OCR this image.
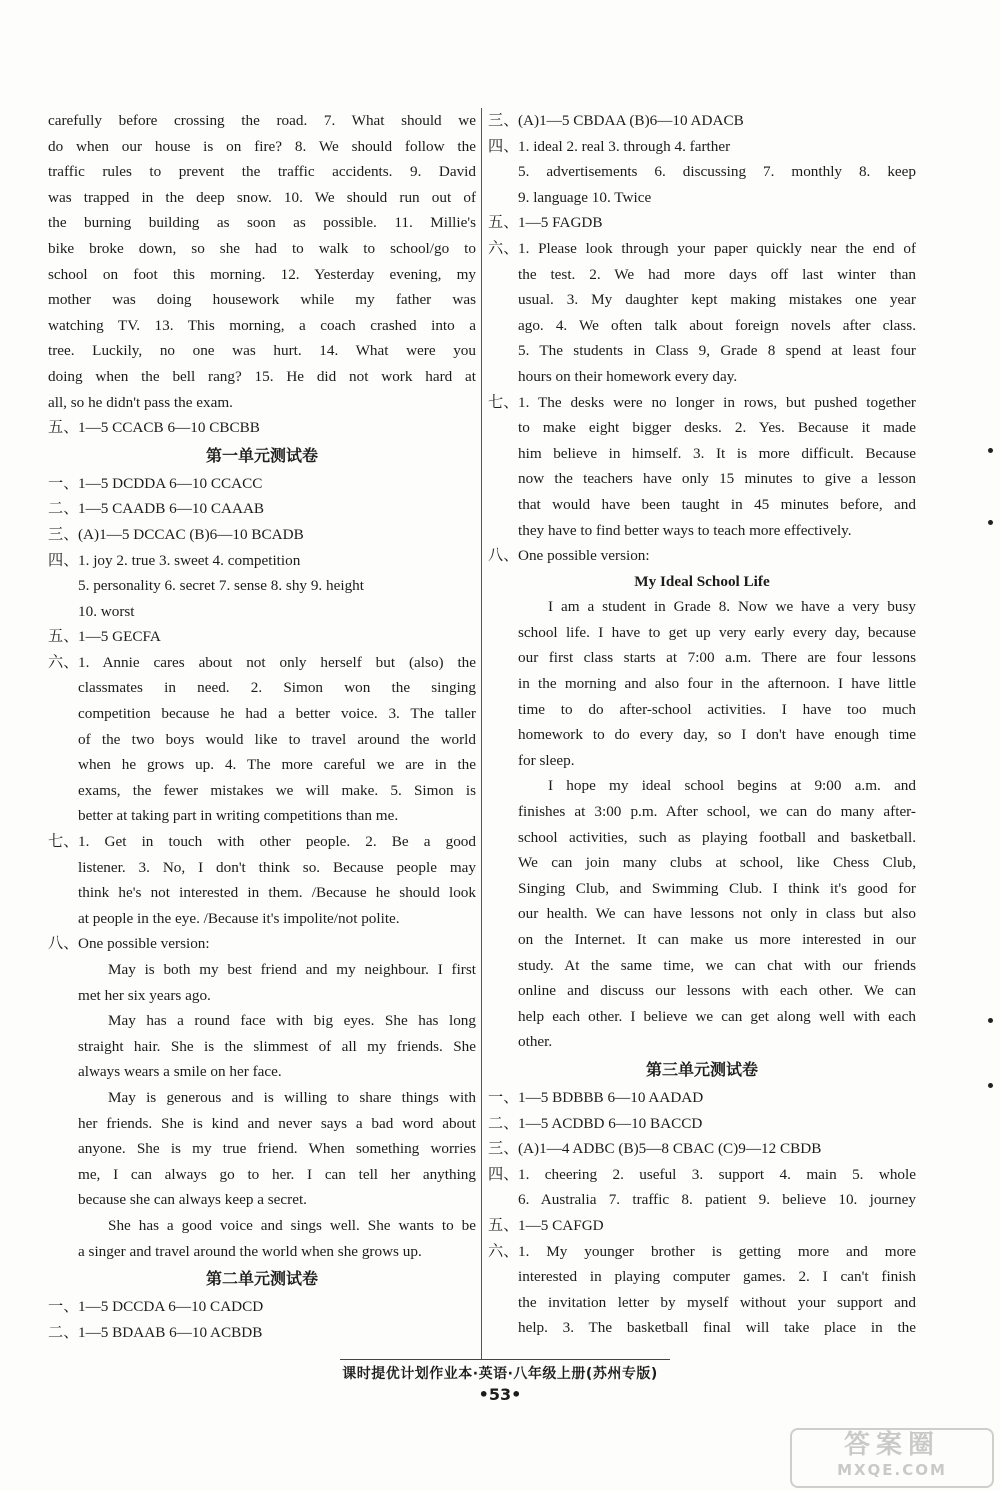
carefully before crossing the road. 7. What should we
do when our house is on fire? 8. We should follow the
traffic rules to prevent the traffic accidents. 9. David
was trapped in the deep snow. 10. We should run out of
the burning building as soon as possible. 11. Millie's
bike broke down, so she had to walk to school/go to
school on foot this morning. 12. Yesterday evening, my
mother was doing housework while my father was
watching TV. 13. This morning, a coach crashed into a
tree. Luckily, no one was hurt. 14. What were you
doing when the bell rang? 15. He did not work hard at
all, so he didn't pass the exam.
五、1—5 CCACB 6—10 CBCBB
第一单元测试卷
一、1—5 DCDDA 6—10 CCACC
二、1—5 CAADB 6—10 CAAAB
三、(A)1—5 DCCAC (B)6—10 BCADB
四、1. joy 2. true 3. sweet 4. competition
5. personality 6. secret 7. sense 8. shy 9. height
10. worst
五、1—5 GECFA
六、1. Annie cares about not only herself but (also) the
classmates in need. 2. Simon won the singing
competition because he had a better voice. 3. The taller
of the two boys would like to travel around the world
when he grows up. 4. The more careful we are in the
exams, the fewer mistakes we will make. 5. Simon is
better at taking part in writing competitions than me.
七、1. Get in touch with other people. 2. Be a good
listener. 3. No, I don't think so. Because people may
think he's not interested in them. /Because he should look
at people in the eye. /Because it's impolite/not polite.
八、One possible version:
May is both my best friend and my neighbour. I first
met her six years ago.
May has a round face with big eyes. She has long
straight hair. She is the slimmest of all my friends. She
always wears a smile on her face.
May is generous and is willing to share things with
her friends. She is kind and never says a bad word about
anyone. She is my true friend. When something worries
me, I can always go to her. I can tell her anything
because she can always keep a secret.
She has a good voice and sings well. She wants to be
a singer and travel around the world when she grows up.
第二单元测试卷
一、1—5 DCCDA 6—10 CADCD
二、1—5 BDAAB 6—10 ACBDB
三、(A)1—5 CBDAA (B)6—10 ADACB
四、1. ideal 2. real 3. through 4. farther
5. advertisements 6. discussing 7. monthly 8. keep
9. language 10. Twice
五、1—5 FAGDB
六、1. Please look through your paper quickly near the end of
the test. 2. We had more days off last winter than
usual. 3. My daughter kept making mistakes one year
ago. 4. We often talk about foreign novels after class.
5. The students in Class 9, Grade 8 spend at least four
hours on their homework every day.
七、1. The desks were no longer in rows, but pushed together
to make eight bigger desks. 2. Yes. Because it made
him believe in himself. 3. It is more difficult. Because
now the teachers have only 15 minutes to give a lesson
that would have been taught in 45 minutes before, and
they have to find better ways to teach more effectively.
八、One possible version:
My Ideal School Life
I am a student in Grade 8. Now we have a very busy
school life. I have to get up very early every day, because
our first class starts at 7:00 a.m. There are four lessons
in the morning and also four in the afternoon. I have little
time to do after-school activities. I have too much
homework to do every day, so I don't have enough time
for sleep.
I hope my ideal school begins at 9:00 a.m. and
finishes at 3:00 p.m. After school, we can do many after-
school activities, such as playing football and basketball.
We can join many clubs at school, like Chess Club,
Singing Club, and Swimming Club. I think it's good for
our health. We can have lessons not only in class but also
on the Internet. It can make us more interested in our
study. At the same time, we can chat with our friends
online and discuss our lessons with each other. We can
help each other. I believe we can get along well with each
other.
第三单元测试卷
一、1—5 BDBBB 6—10 AADAD
二、1—5 ACDBD 6—10 BACCD
三、(A)1—4 ADBC (B)5—8 CBAC (C)9—12 CBDB
四、1. cheering 2. useful 3. support 4. main 5. whole
6. Australia 7. traffic 8. patient 9. believe 10. journey
五、1—5 CAFGD
六、1. My younger brother is getting more and more
interested in playing computer games. 2. I can't finish
the invitation letter by myself without your support and
help. 3. The basketball final will take place in the
课时提优计划作业本·英语·八年级上册(苏州专版)
•53•
答案圈
MXQE.COM
